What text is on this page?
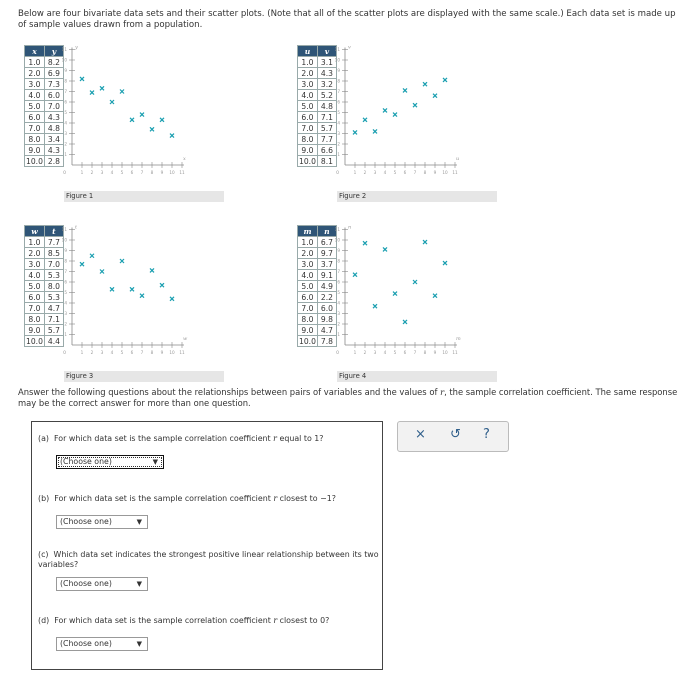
Below are four bivariate data sets and their scatter plots. (Note that all of the scatter plots are displayed with the same scale.) Each data set is made up of sample values drawn from a population.
x	y
1.0	8.2
2.0	6.9
3.0	7.3
4.0	6.0
5.0	7.0
6.0	4.3
7.0	4.8
8.0	3.4
9.0	4.3
10.0	2.8
1 2 3 4 5 6 7 8 9 10 11
1
2
3
4
5
6
7
8
9
10
11
0
x
y
Figure 1
u	v
1.0	3.1
2.0	4.3
3.0	3.2
4.0	5.2
5.0	4.8
6.0	7.1
7.0	5.7
8.0	7.7
9.0	6.6
10.0	8.1
1 2 3 4 5 6 7 8 9 10 11
1
2
3
4
5
6
7
8
9
10
11
0
u
v
Figure 2
w	t
1.0	7.7
2.0	8.5
3.0	7.0
4.0	5.3
5.0	8.0
6.0	5.3
7.0	4.7
8.0	7.1
9.0	5.7
10.0	4.4
1 2 3 4 5 6 7 8 9 10 11
1
2
3
4
5
6
7
8
9
10
11
0
w
t
Figure 3
m	n
1.0	6.7
2.0	9.7
3.0	3.7
4.0	9.1
5.0	4.9
6.0	2.2
7.0	6.0
8.0	9.8
9.0	4.7
10.0	7.8
1 2 3 4 5 6 7 8 9 10 11
1
2
3
4
5
6
7
8
9
10
11
0
m
n
Figure 4
Answer the following questions about the relationships between pairs of variables and the values of r, the sample correlation coefficient. The same response may be the correct answer for more than one question.
(a) For which data set is the sample correlation coefficient r equal to 1?
(Choose one)	▼
(b) For which data set is the sample correlation coefficient r closest to −1?
(Choose one)	▼
(c) Which data set indicates the strongest positive linear relationship between its two variables?
(Choose one)	▼
(d) For which data set is the sample correlation coefficient r closest to 0?
(Choose one)	▼
× ↺ ?
